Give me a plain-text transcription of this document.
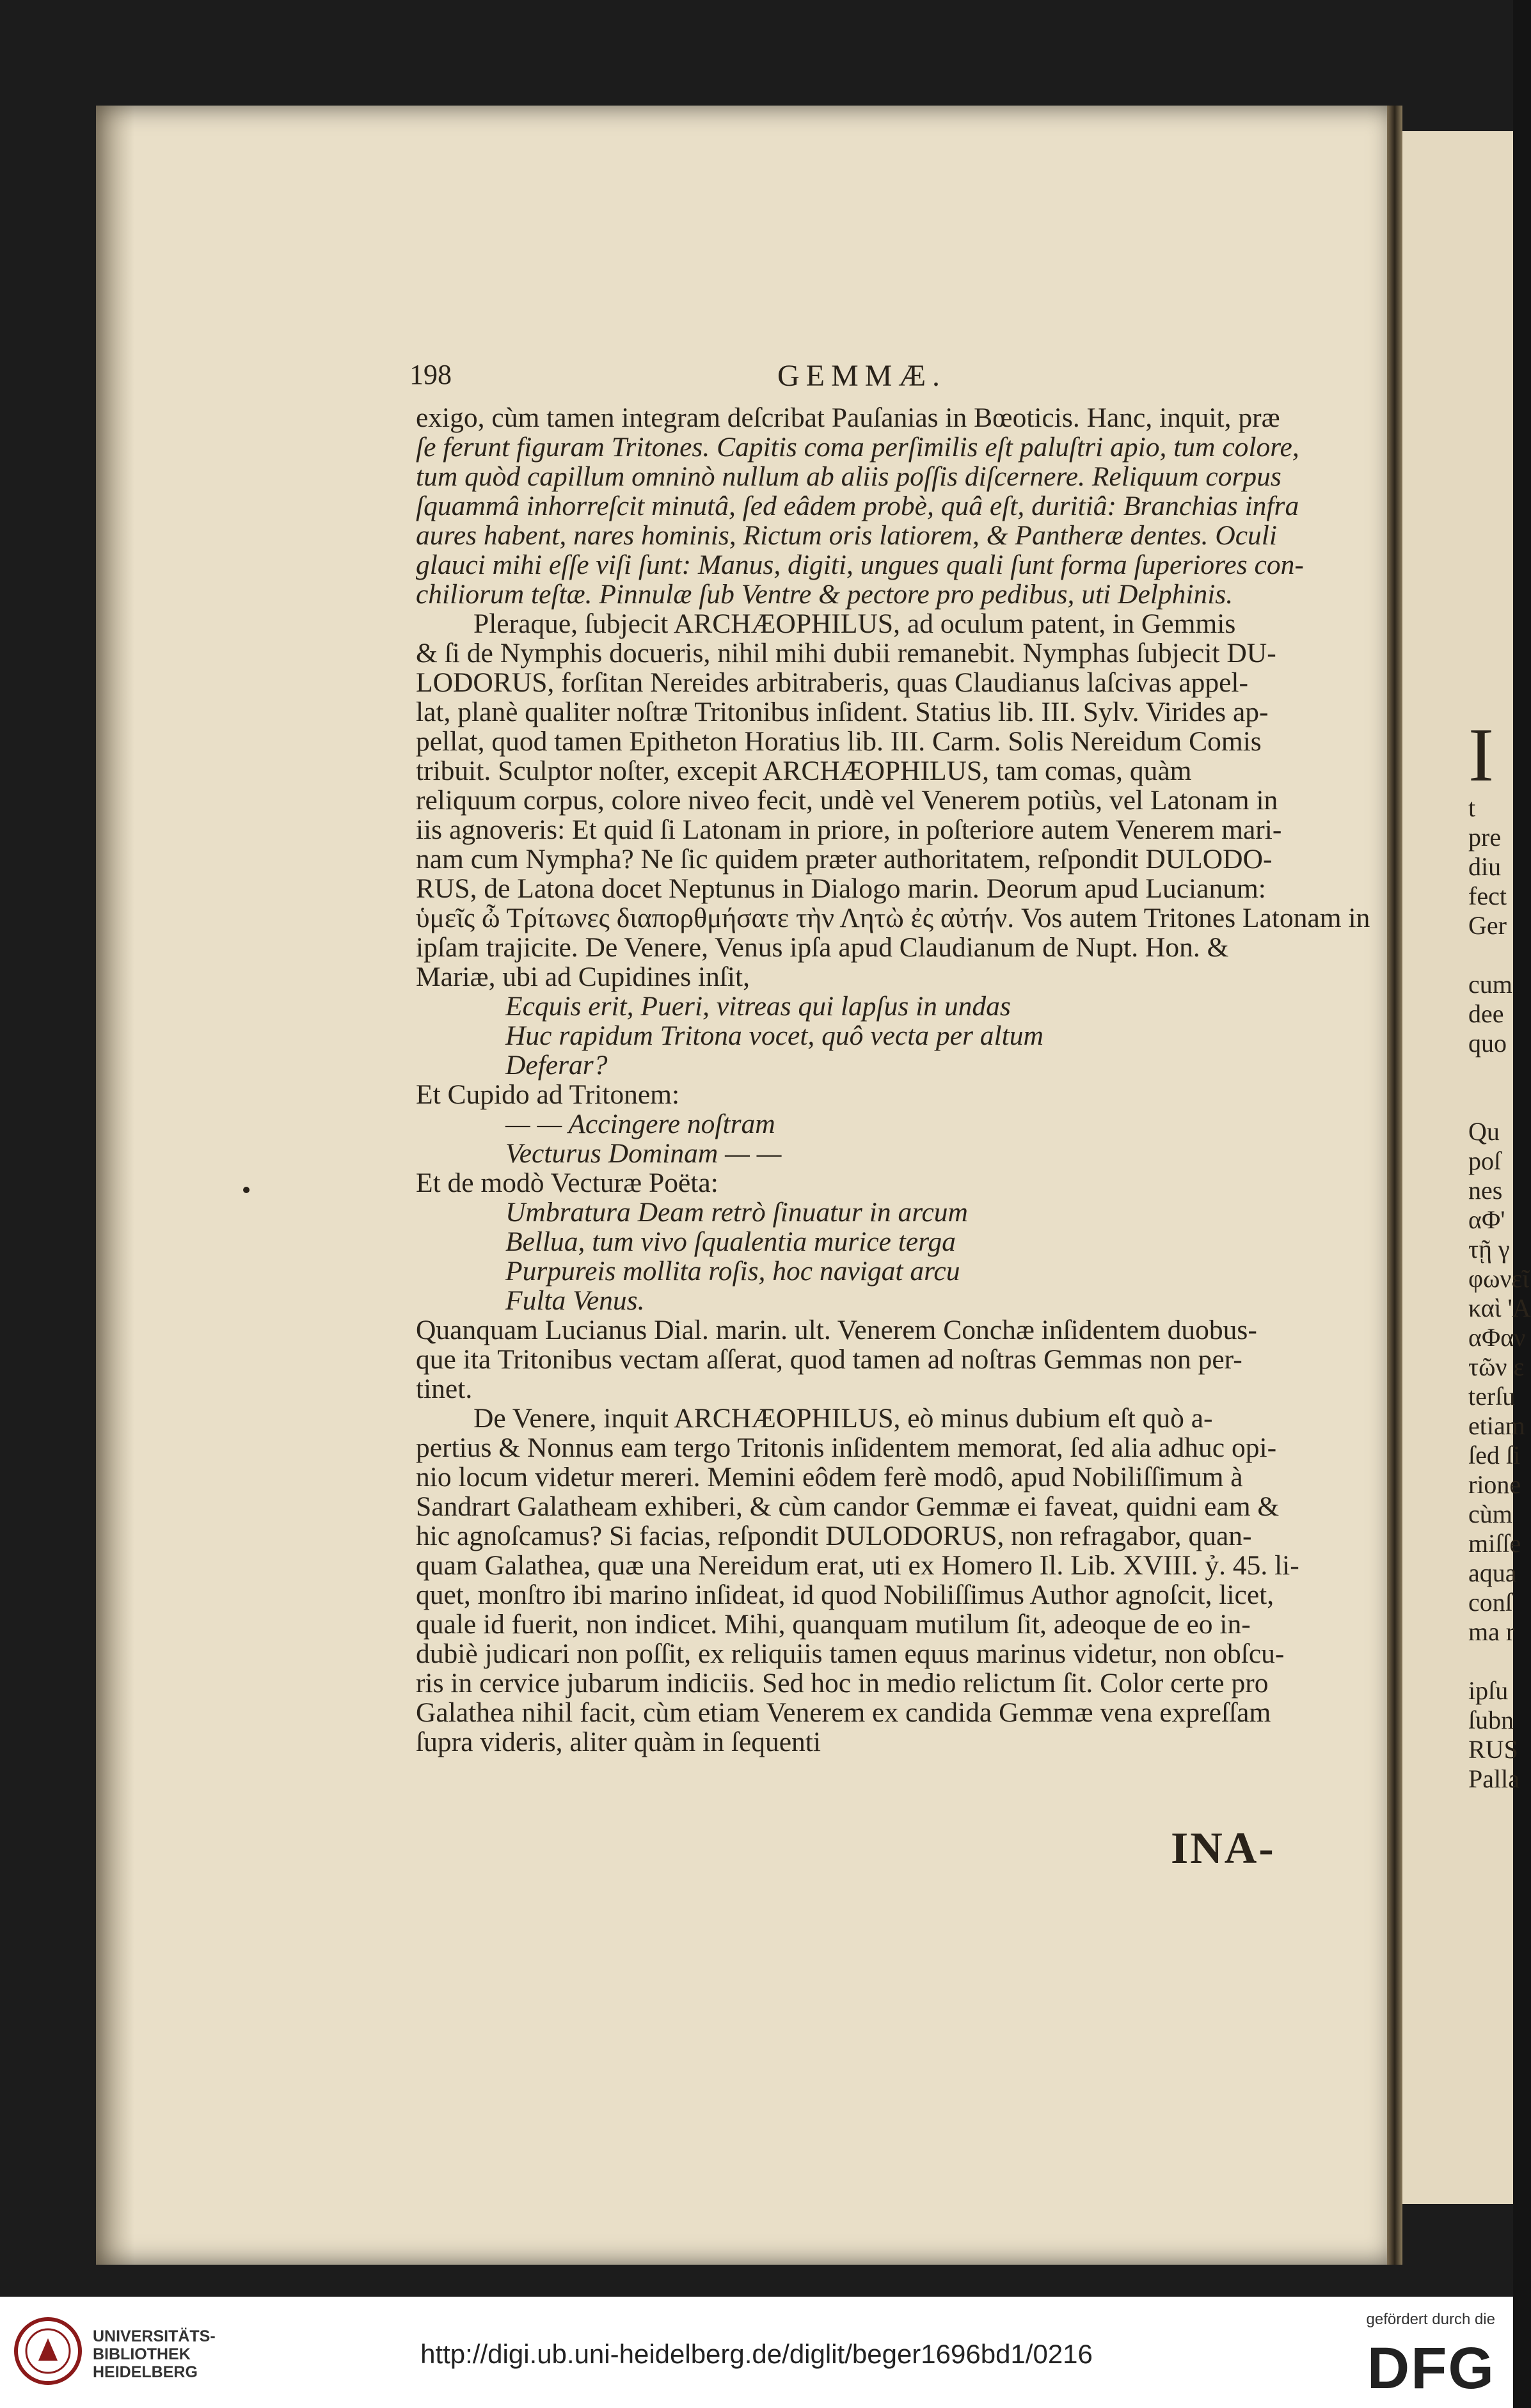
198	GEMMÆ.

exigo, cùm tamen integram deſcribat Pauſanias in Bœoticis. Hanc, inquit, præ
ſe ferunt figuram Tritones. Capitis coma perſimilis eſt paluſtri apio, tum colore,
tum quòd capillum omninò nullum ab aliis poſſis diſcernere. Reliquum corpus
ſquammâ inhorreſcit minutâ, ſed eâdem probè, quâ eſt, duritiâ: Branchias infra
aures habent, nares hominis, Rictum oris latiorem, & Pantheræ dentes. Oculi
glauci mihi eſſe viſi ſunt: Manus, digiti, ungues quali ſunt forma ſuperiores con-
chiliorum teſtæ. Pinnulæ ſub Ventre & pectore pro pedibus, uti Delphinis.

Pleraque, ſubjecit ARCHÆOPHILUS, ad oculum patent, in Gemmis
& ſi de Nymphis docueris, nihil mihi dubii remanebit. Nymphas ſubjecit DU-
LODORUS, forſitan Nereides arbitraberis, quas Claudianus laſcivas appel-
lat, planè qualiter noſtræ Tritonibus inſident. Statius lib. III. Sylv. Virides ap-
pellat, quod tamen Epitheton Horatius lib. III. Carm. Solis Nereidum Comis
tribuit. Sculptor noſter, excepit ARCHÆOPHILUS, tam comas, quàm
reliquum corpus, colore niveo fecit, undè vel Venerem potiùs, vel Latonam in
iis agnoveris: Et quid ſi Latonam in priore, in poſteriore autem Venerem mari-
nam cum Nympha? Ne ſic quidem præter authoritatem, reſpondit DULODO-
RUS, de Latona docet Neptunus in Dialogo marin. Deorum apud Lucianum:
ὑμεῖς ὦ Τρίτωνες διαπορθμήσατε τὴν Λητὼ ἐς αὐτήν. Vos autem Tritones Latonam in
ipſam trajicite. De Venere, Venus ipſa apud Claudianum de Nupt. Hon. &
Mariæ, ubi ad Cupidines inſit,

Ecquis erit, Pueri, vitreas qui lapſus in undas
Huc rapidum Tritona vocet, quô vecta per altum
Deferar?

Et Cupido ad Tritonem:

— — Accingere noſtram
Vecturus Dominam — —

Et de modò Vecturæ Poëta:

Umbratura Deam retrò ſinuatur in arcum
Bellua, tum vivo ſqualentia murice terga
Purpureis mollita roſis, hoc navigat arcu
Fulta Venus.

Quanquam Lucianus Dial. marin. ult. Venerem Conchæ inſidentem duobus-
que ita Tritonibus vectam aſſerat, quod tamen ad noſtras Gemmas non per-
tinet.

De Venere, inquit ARCHÆOPHILUS, eò minus dubium eſt quò a-
pertius & Nonnus eam tergo Tritonis inſidentem memorat, ſed alia adhuc opi-
nio locum videtur mereri. Memini eôdem ferè modô, apud Nobiliſſimum à
Sandrart Galatheam exhiberi, & cùm candor Gemmæ ei faveat, quidni eam &
hic agnoſcamus? Si facias, reſpondit DULODORUS, non refragabor, quan-
quam Galathea, quæ una Nereidum erat, uti ex Homero Il. Lib. XVIII. ỷ. 45. li-
quet, monſtro ibi marino inſideat, id quod Nobiliſſimus Author agnoſcit, licet,
quale id fuerit, non indicet. Mihi, quanquam mutilum ſit, adeoque de eo in-
dubiè judicari non poſſit, ex reliquiis tamen equus marinus videtur, non obſcu-
ris in cervice jubarum indiciis. Sed hoc in medio relictum ſit. Color certe pro
Galathea nihil facit, cùm etiam Venerem ex candida Gemmæ vena expreſſam
ſupra videris, aliter quàm in ſequenti

INA-
I
t
pre
diu
fect
Ger

cum
dee
quo

Qu
poſ
nes
αΦ'
τῇ γ
φωνεῖ
καὶ 'Α
αΦαν
τῶν ε
terſu
etiam
ſed ſi
rione
cùm
miſſe
aqua
conſ
ma r

ipſu
ſubn
RUS
Palla
UNIVERSITÄTS-
BIBLIOTHEK
HEIDELBERG
http://digi.ub.uni-heidelberg.de/diglit/beger1696bd1/0216
gefördert durch die
DFG
